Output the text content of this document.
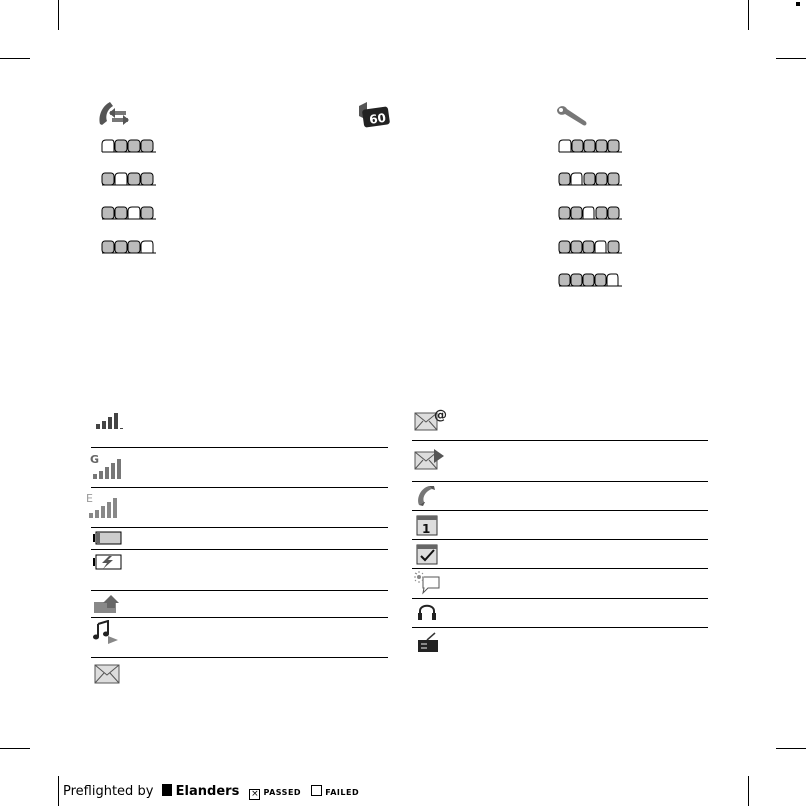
60
G
E
@
1
Preflighted by Elanders × PASSED	FAILED
